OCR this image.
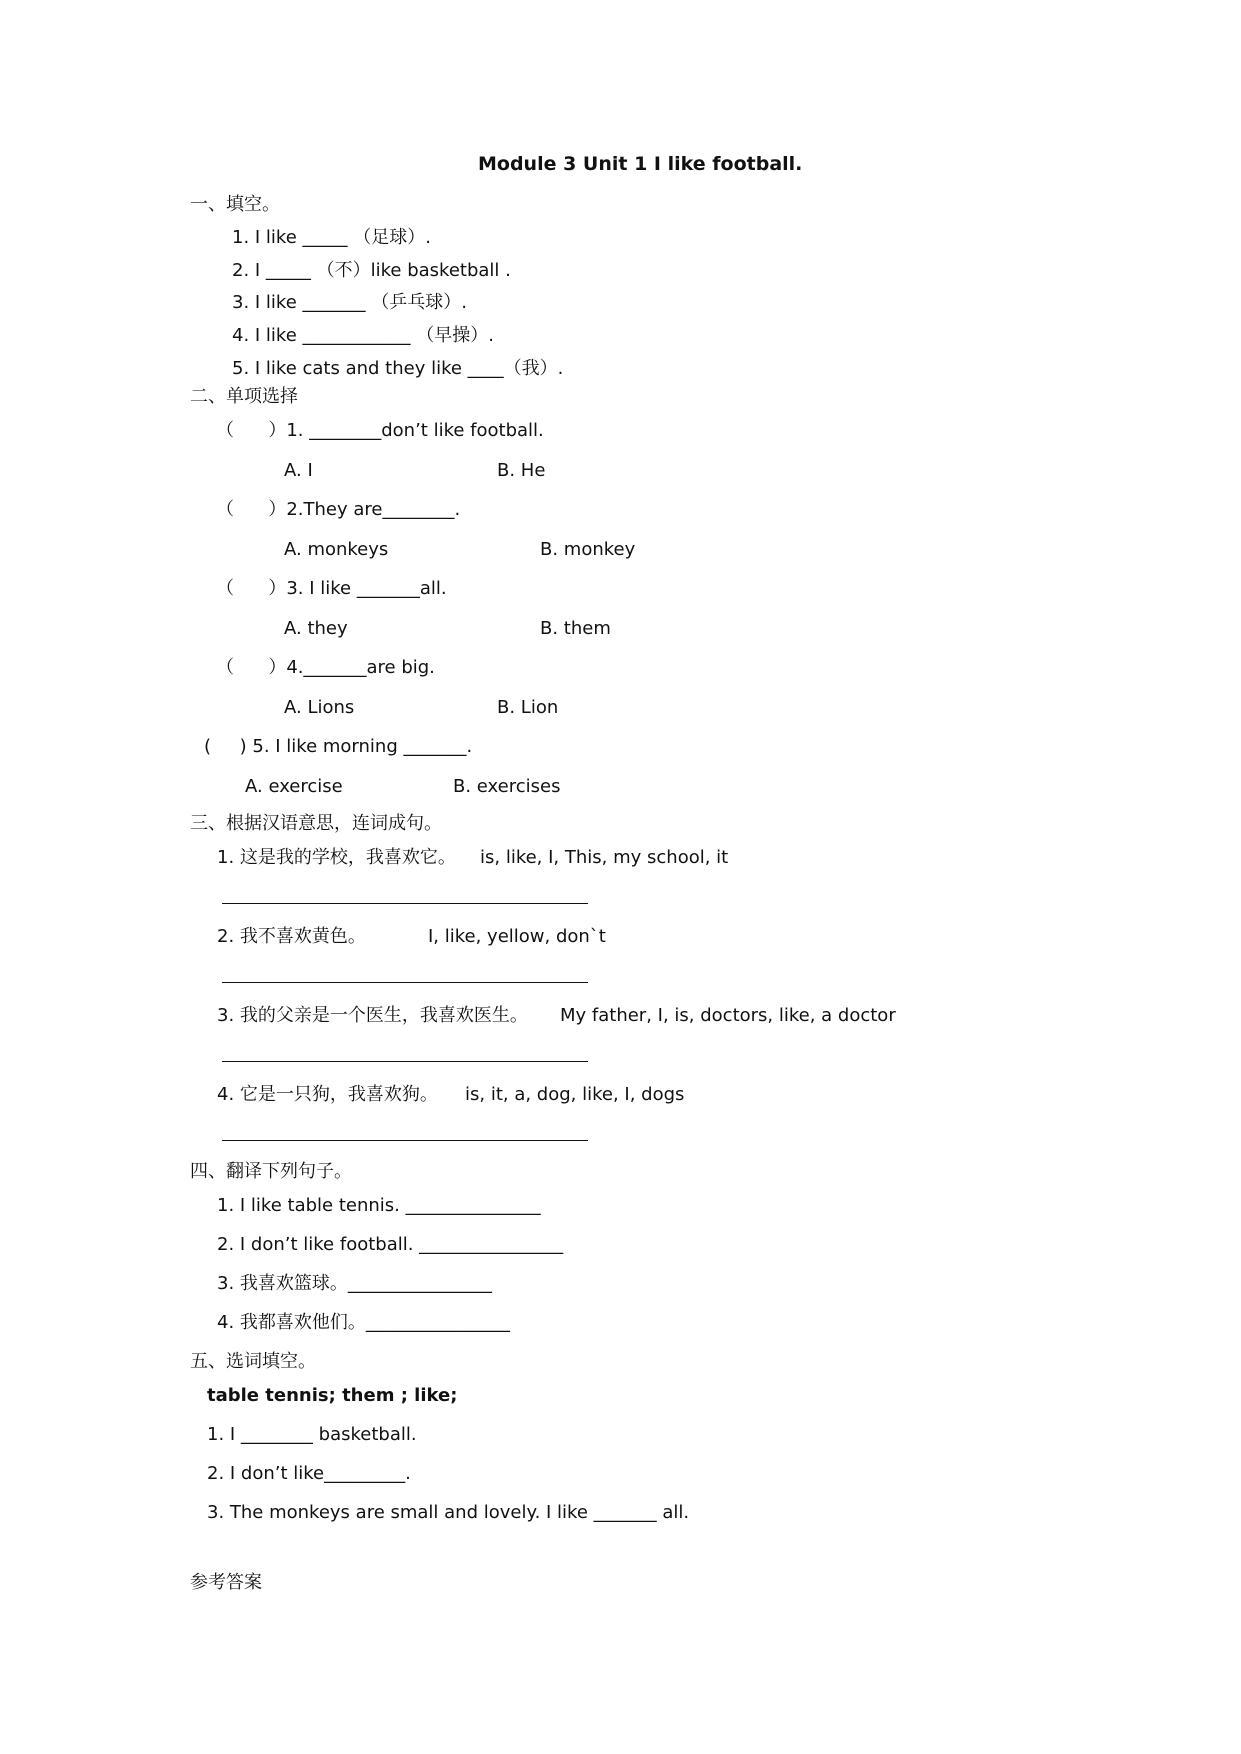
Module 3 Unit 1 I like football.
一、填空。
1. I like _____ （足球）.
2. I _____ （不）like basketball .
3. I like _______ （乒乓球）.
4. I like ____________ （早操）.
5. I like cats and they like ____（我）.
二、单项选择
（      ）1. ________don’t like football.
A. I	B. He
（      ）2.They are________.
A. monkeys	B. monkey
（      ）3. I like _______all.
A. they	B. them
（      ）4._______are big.
A. Lions	B. Lion
(     ) 5. I like morning _______.
A. exercise	B. exercises
三、根据汉语意思，连词成句。
1. 这是我的学校，我喜欢它。 is, like, I, This, my school, it
2. 我不喜欢黄色。	I, like, yellow, don`t
3. 我的父亲是一个医生，我喜欢医生。 My father, I, is, doctors, like, a doctor
4. 它是一只狗，我喜欢狗。 is, it, a, dog, like, I, dogs
四、翻译下列句子。
1. I like table tennis. _______________
2. I don’t like football. ________________
3. 我喜欢篮球。________________
4. 我都喜欢他们。________________
五、选词填空。
table tennis; them ; like;
1. I ________ basketball.
2. I don’t like_________.
3. The monkeys are small and lovely. I like _______ all.
参考答案
